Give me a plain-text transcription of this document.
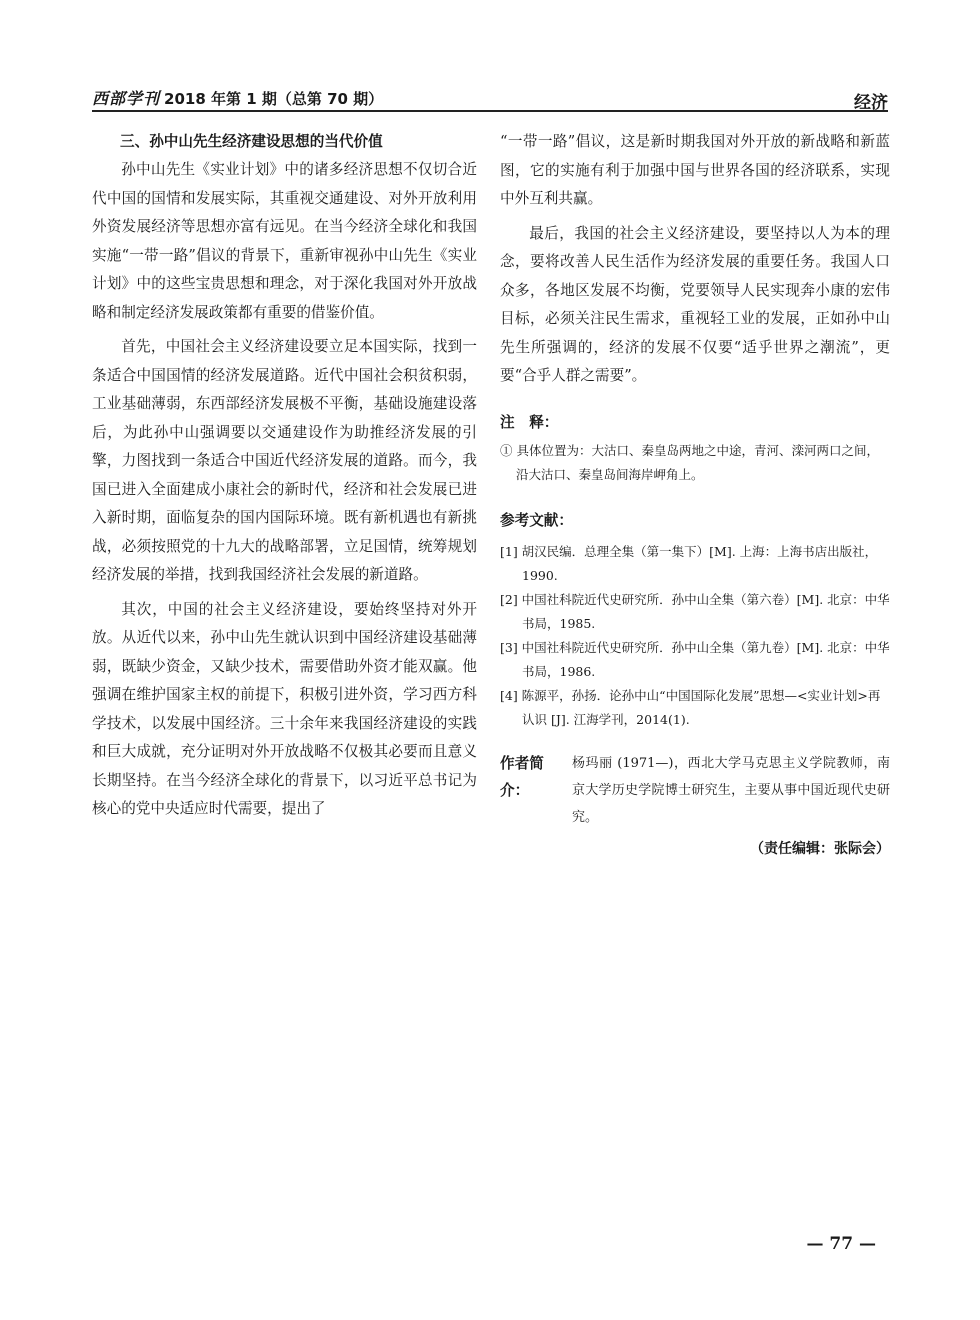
西部学刊 2018 年第 1 期（总第 70 期）	经济
三、孙中山先生经济建设思想的当代价值

孙中山先生《实业计划》中的诸多经济思想不仅切合近代中国的国情和发展实际，其重视交通建设、对外开放利用外资发展经济等思想亦富有远见。在当今经济全球化和我国实施“一带一路”倡议的背景下，重新审视孙中山先生《实业计划》中的这些宝贵思想和理念，对于深化我国对外开放战略和制定经济发展政策都有重要的借鉴价值。

首先，中国社会主义经济建设要立足本国实际，找到一条适合中国国情的经济发展道路。近代中国社会积贫积弱，工业基础薄弱，东西部经济发展极不平衡，基础设施建设落后，为此孙中山强调要以交通建设作为助推经济发展的引擎，力图找到一条适合中国近代经济发展的道路。而今，我国已进入全面建成小康社会的新时代，经济和社会发展已进入新时期，面临复杂的国内国际环境。既有新机遇也有新挑战，必须按照党的十九大的战略部署，立足国情，统筹规划经济发展的举措，找到我国经济社会发展的新道路。

其次，中国的社会主义经济建设，要始终坚持对外开放。从近代以来，孙中山先生就认识到中国经济建设基础薄弱，既缺少资金，又缺少技术，需要借助外资才能双赢。他强调在维护国家主权的前提下，积极引进外资，学习西方科学技术，以发展中国经济。三十余年来我国经济建设的实践和巨大成就，充分证明对外开放战略不仅极其必要而且意义长期坚持。在当今经济全球化的背景下，以习近平总书记为核心的党中央适应时代需要，提出了

“一带一路”倡议，这是新时期我国对外开放的新战略和新蓝图，它的实施有利于加强中国与世界各国的经济联系，实现中外互利共赢。

最后，我国的社会主义经济建设，要坚持以人为本的理念，要将改善人民生活作为经济发展的重要任务。我国人口众多，各地区发展不均衡，党要领导人民实现奔小康的宏伟目标，必须关注民生需求，重视轻工业的发展，正如孙中山先生所强调的，经济的发展不仅要“适乎世界之潮流”，更要“合乎人群之需要”。

注　释：
① 具体位置为：大沽口、秦皇岛两地之中途，青河、滦河两口之间，沿大沽口、秦皇岛间海岸岬角上。
参考文献：
[1] 胡汉民编．总理全集（第一集下）[M]. 上海：上海书店出版社，1990.
[2] 中国社科院近代史研究所．孙中山全集（第六卷）[M]. 北京：中华书局，1985.
[3] 中国社科院近代史研究所．孙中山全集（第九卷）[M]. 北京：中华书局，1986.
[4] 陈源平，孙扬．论孙中山“中国国际化发展”思想—<实业计划>再认识 [J]. 江海学刊，2014(1).
作者简介：
杨玛丽 (1971—)，西北大学马克思主义学院教师，南京大学历史学院博士研究生，主要从事中国近现代史研究。
（责任编辑：张际会）
— 77 —
